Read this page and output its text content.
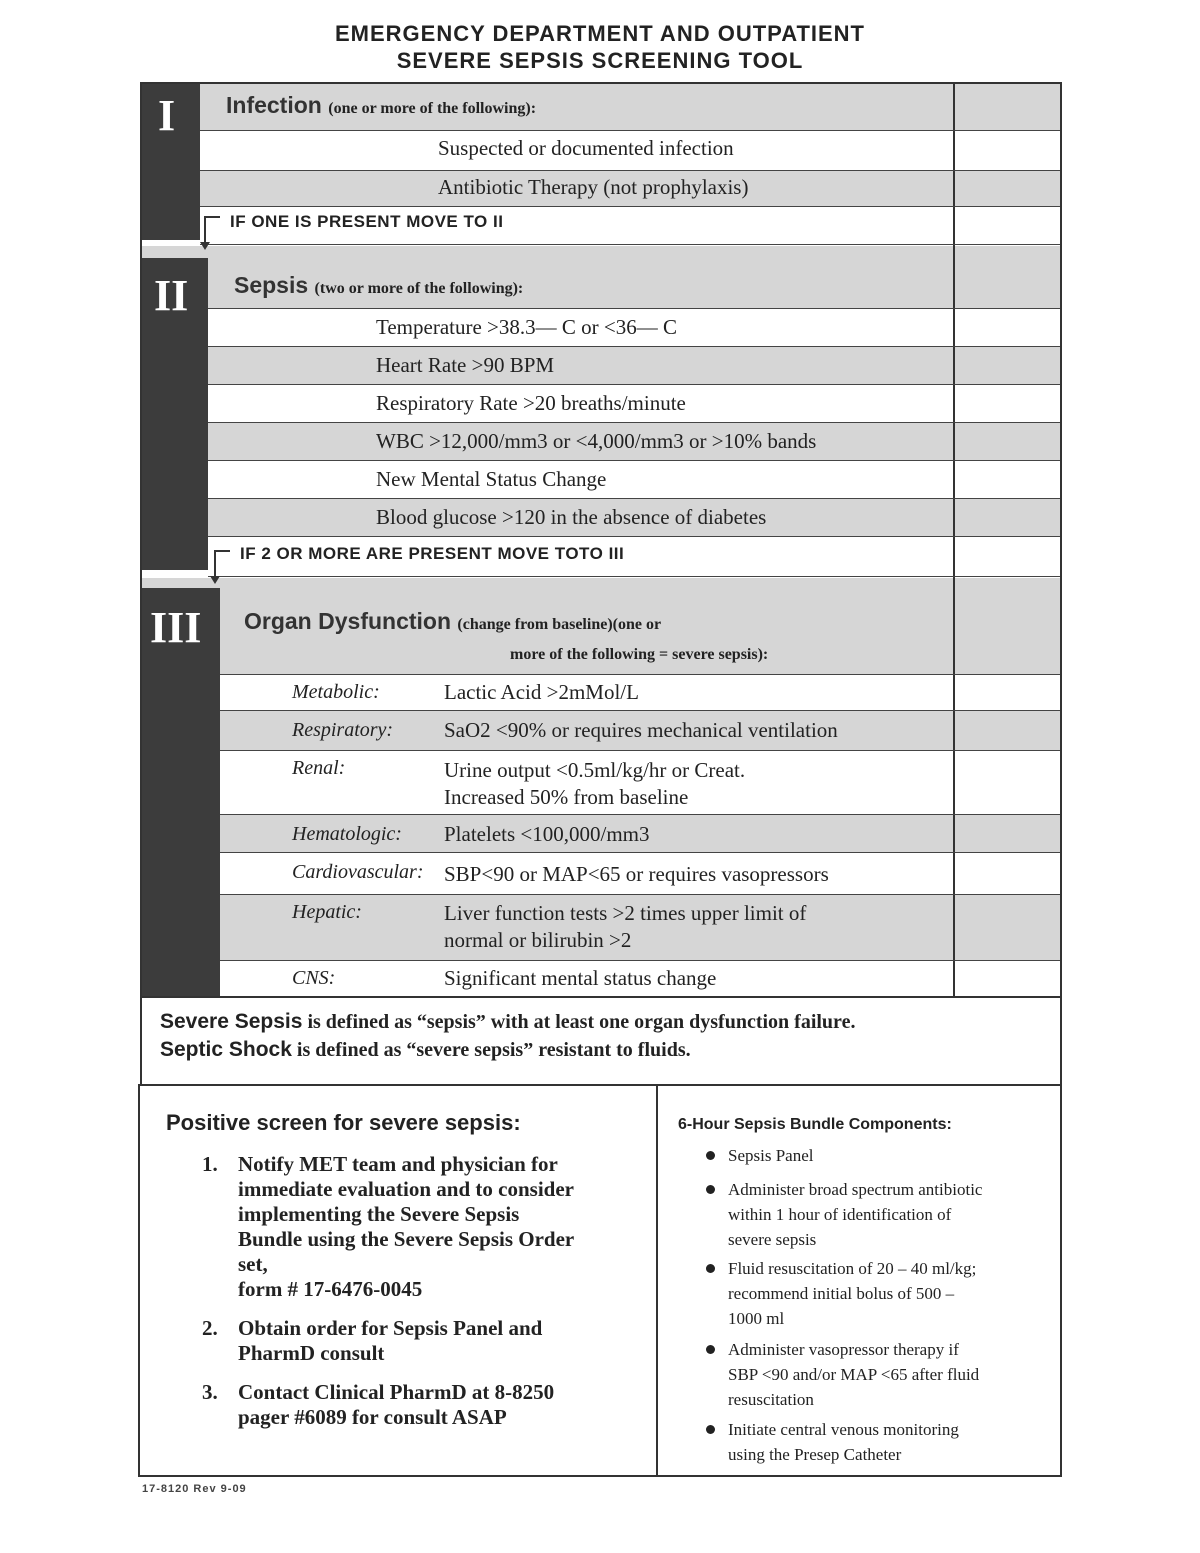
EMERGENCY DEPARTMENT AND OUTPATIENT
SEVERE SEPSIS SCREENING TOOL
I
II
III
Infection (one or more of the following):
Suspected or documented infection
Antibiotic Therapy (not prophylaxis)
IF ONE IS PRESENT MOVE TO II
Sepsis (two or more of the following):
Temperature >38.3— C or <36— C
Heart Rate >90 BPM
Respiratory Rate >20 breaths/minute
WBC >12,000/mm3 or <4,000/mm3 or >10% bands
New Mental Status Change
Blood glucose >120 in the absence of diabetes
IF 2 OR MORE ARE PRESENT MOVE TOTO III
Organ Dysfunction (change from baseline)(one or
more of the following = severe sepsis):
Metabolic:	Lactic Acid >2mMol/L
Respiratory: SaO2 <90% or requires mechanical ventilation
Renal:	Urine output <0.5ml/kg/hr or Creat.
Increased 50% from baseline
Hematologic: Platelets <100,000/mm3
Cardiovascular: SBP<90 or MAP<65 or requires vasopressors
Hepatic:	Liver function tests >2 times upper limit of
normal or bilirubin >2
CNS:	Significant mental status change
Severe Sepsis is defined as “sepsis” with at least one organ dysfunction failure.
Septic Shock is defined as “severe sepsis” resistant to fluids.
Positive screen for severe sepsis:
1. Notify MET team and physician for
immediate evaluation and to consider
implementing the Severe Sepsis
Bundle using the Severe Sepsis Order
set,
form # 17-6476-0045
2. Obtain order for Sepsis Panel and
PharmD consult
3. Contact Clinical PharmD at 8-8250
pager #6089 for consult ASAP
6-Hour Sepsis Bundle Components:
Sepsis Panel
Administer broad spectrum antibiotic
within 1 hour of identification of
severe sepsis
Fluid resuscitation of 20 – 40 ml/kg;
recommend initial bolus of 500 –
1000 ml
Administer vasopressor therapy if
SBP <90 and/or MAP <65 after fluid
resuscitation
Initiate central venous monitoring
using the Presep Catheter
17-8120 Rev 9-09
